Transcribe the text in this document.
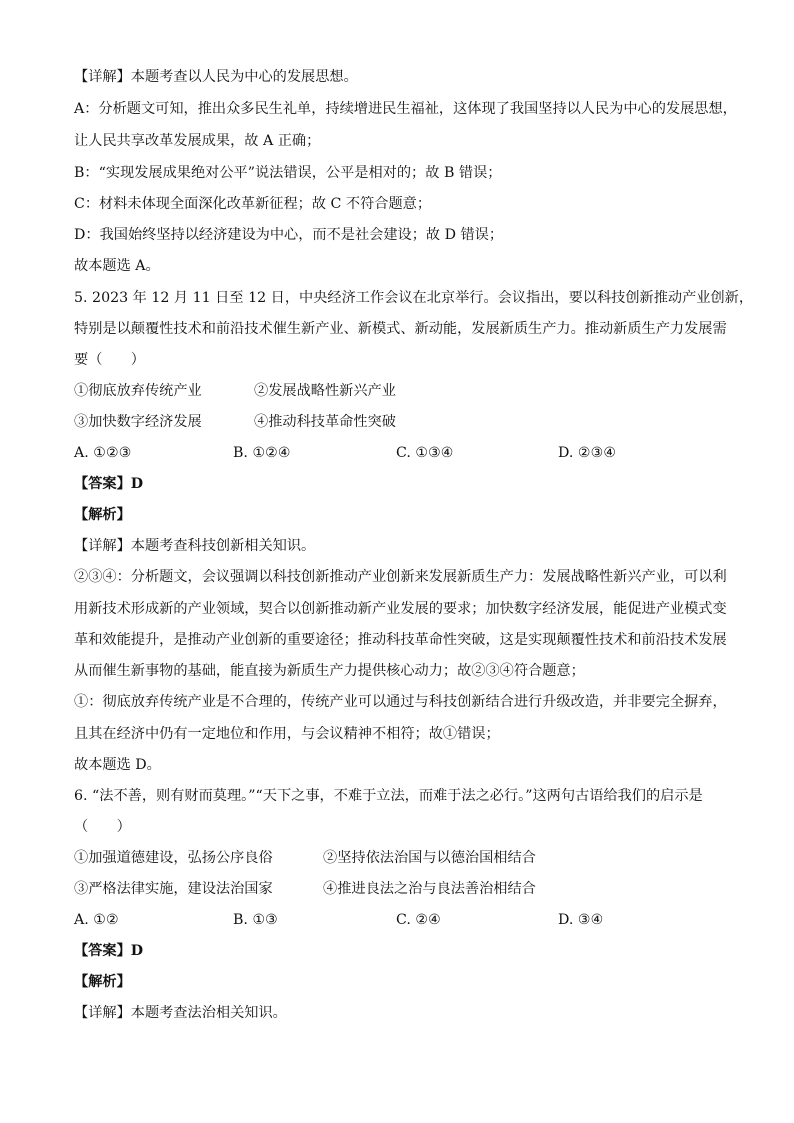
【详解】本题考查以人民为中心的发展思想。
A：分析题文可知，推出众多民生礼单，持续增进民生福祉，这体现了我国坚持以人民为中心的发展思想，
让人民共享改革发展成果，故 A 正确；
B：“实现发展成果绝对公平”说法错误，公平是相对的；故 B 错误；
C：材料未体现全面深化改革新征程；故 C 不符合题意；
D：我国始终坚持以经济建设为中心，而不是社会建设；故 D 错误；
故本题选 A。
5. 2023 年 12 月 11 日至 12 日，中央经济工作会议在北京举行。会议指出，要以科技创新推动产业创新，
特别是以颠覆性技术和前沿技术催生新产业、新模式、新动能，发展新质生产力。推动新质生产力发展需
要（　　）
①彻底放弃传统产业	②发展战略性新兴产业
③加快数字经济发展	④推动科技革命性突破
A. ①②③	B. ①②④	C. ①③④	D. ②③④
【答案】D
【解析】
【详解】本题考查科技创新相关知识。
②③④：分析题文，会议强调以科技创新推动产业创新来发展新质生产力：发展战略性新兴产业，可以利
用新技术形成新的产业领域，契合以创新推动新产业发展的要求；加快数字经济发展，能促进产业模式变
革和效能提升，是推动产业创新的重要途径；推动科技革命性突破，这是实现颠覆性技术和前沿技术发展
从而催生新事物的基础，能直接为新质生产力提供核心动力；故②③④符合题意；
①：彻底放弃传统产业是不合理的，传统产业可以通过与科技创新结合进行升级改造，并非要完全摒弃，
且其在经济中仍有一定地位和作用，与会议精神不相符；故①错误；
故本题选 D。
6. “法不善，则有财而莫理。”“天下之事，不难于立法，而难于法之必行。”这两句古语给我们的启示是
（　　）
①加强道德建设，弘扬公序良俗	②坚持依法治国与以德治国相结合
③严格法律实施，建设法治国家	④推进良法之治与良法善治相结合
A. ①②	B. ①③	C. ②④	D. ③④
【答案】D
【解析】
【详解】本题考查法治相关知识。
